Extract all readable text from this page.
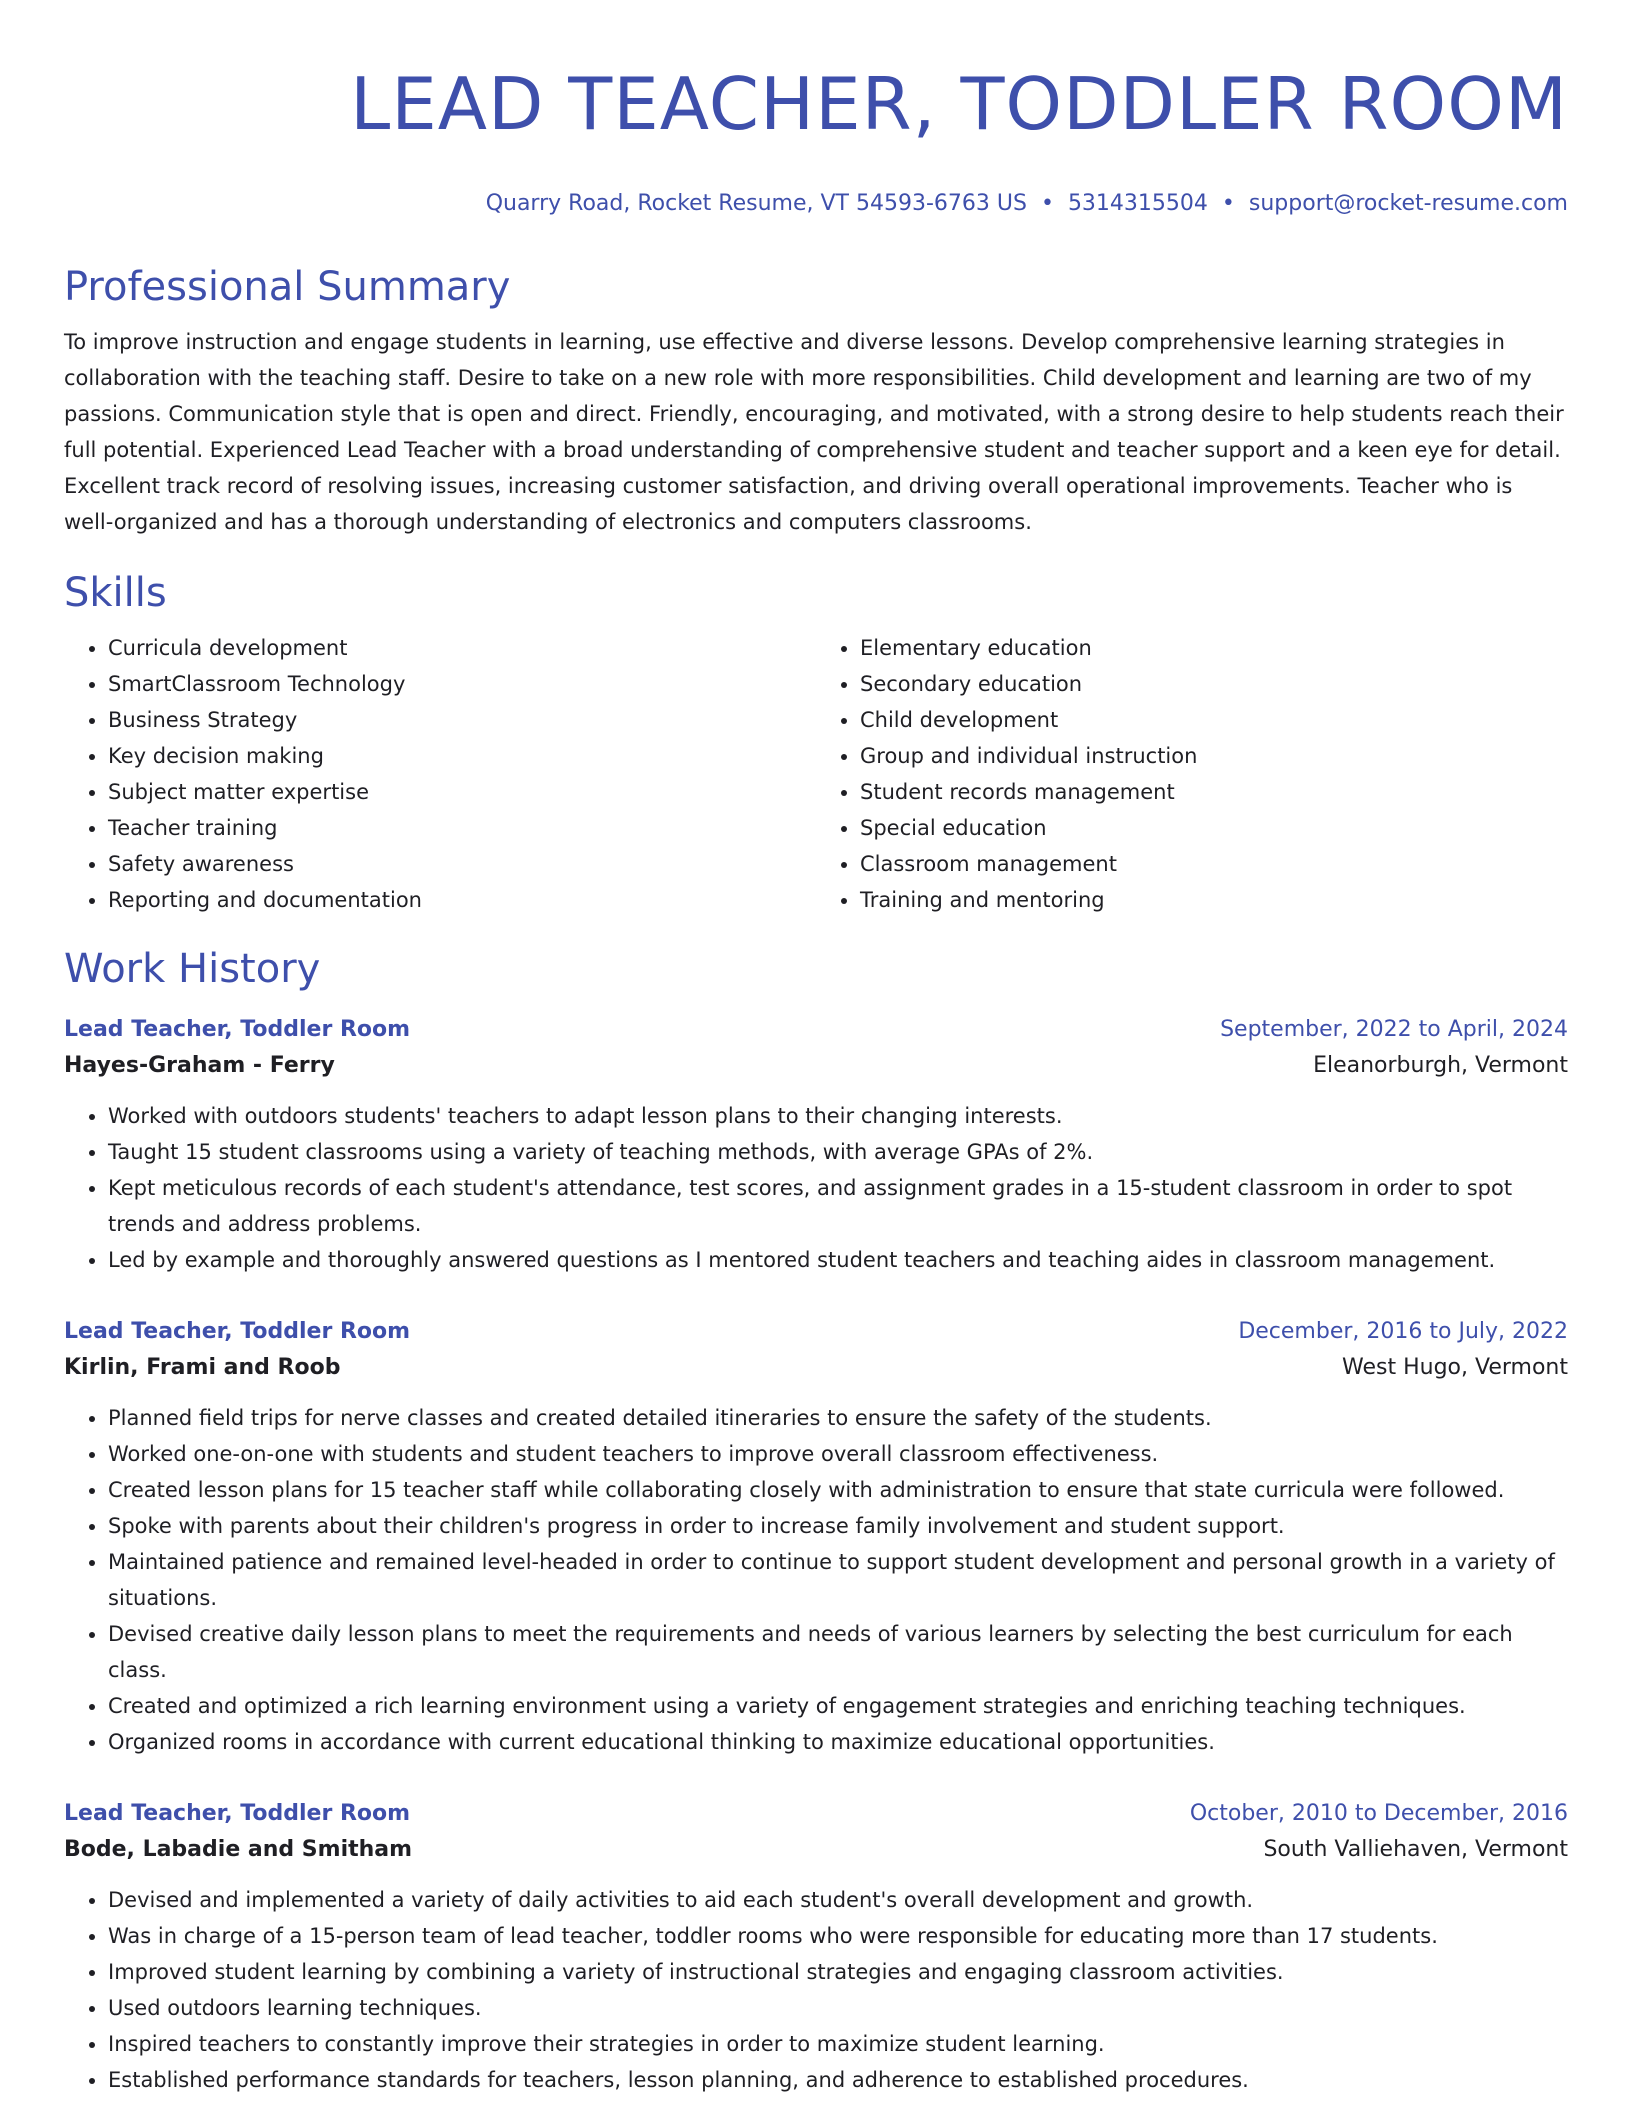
LEAD TEACHER, TODDLER ROOM
Quarry Road, Rocket Resume, VT 54593-6763 US • 5314315504 • support@rocket-resume.com
Professional Summary

To improve instruction and engage students in learning, use effective and diverse lessons. Develop comprehensive learning strategies in collaboration with the teaching staff. Desire to take on a new role with more responsibilities. Child development and learning are two of my passions. Communication style that is open and direct. Friendly, encouraging, and motivated, with a strong desire to help students reach their full potential. Experienced Lead Teacher with a broad understanding of comprehensive student and teacher support and a keen eye for detail. Excellent track record of resolving issues, increasing customer satisfaction, and driving overall operational improvements. Teacher who is well-organized and has a thorough understanding of electronics and computers classrooms.

Skills
• Curricula development
• SmartClassroom Technology
• Business Strategy
• Key decision making
• Subject matter expertise
• Teacher training
• Safety awareness
• Reporting and documentation
• Elementary education
• Secondary education
• Child development
• Group and individual instruction
• Student records management
• Special education
• Classroom management
• Training and mentoring
Work History
Lead Teacher, Toddler Room	September, 2022 to April, 2024
Hayes-Graham - Ferry	Eleanorburgh, Vermont
• Worked with outdoors students' teachers to adapt lesson plans to their changing interests.
• Taught 15 student classrooms using a variety of teaching methods, with average GPAs of 2%.
• Kept meticulous records of each student's attendance, test scores, and assignment grades in a 15-student classroom in order to spot trends and address problems.
• Led by example and thoroughly answered questions as I mentored student teachers and teaching aides in classroom management.
Lead Teacher, Toddler Room	December, 2016 to July, 2022
Kirlin, Frami and Roob	West Hugo, Vermont
• Planned field trips for nerve classes and created detailed itineraries to ensure the safety of the students.
• Worked one-on-one with students and student teachers to improve overall classroom effectiveness.
• Created lesson plans for 15 teacher staff while collaborating closely with administration to ensure that state curricula were followed.
• Spoke with parents about their children's progress in order to increase family involvement and student support.
• Maintained patience and remained level-headed in order to continue to support student development and personal growth in a variety of situations.
• Devised creative daily lesson plans to meet the requirements and needs of various learners by selecting the best curriculum for each class.
• Created and optimized a rich learning environment using a variety of engagement strategies and enriching teaching techniques.
• Organized rooms in accordance with current educational thinking to maximize educational opportunities.
Lead Teacher, Toddler Room	October, 2010 to December, 2016
Bode, Labadie and Smitham	South Valliehaven, Vermont
• Devised and implemented a variety of daily activities to aid each student's overall development and growth.
• Was in charge of a 15-person team of lead teacher, toddler rooms who were responsible for educating more than 17 students.
• Improved student learning by combining a variety of instructional strategies and engaging classroom activities.
• Used outdoors learning techniques.
• Inspired teachers to constantly improve their strategies in order to maximize student learning.
• Established performance standards for teachers, lesson planning, and adherence to established procedures.
